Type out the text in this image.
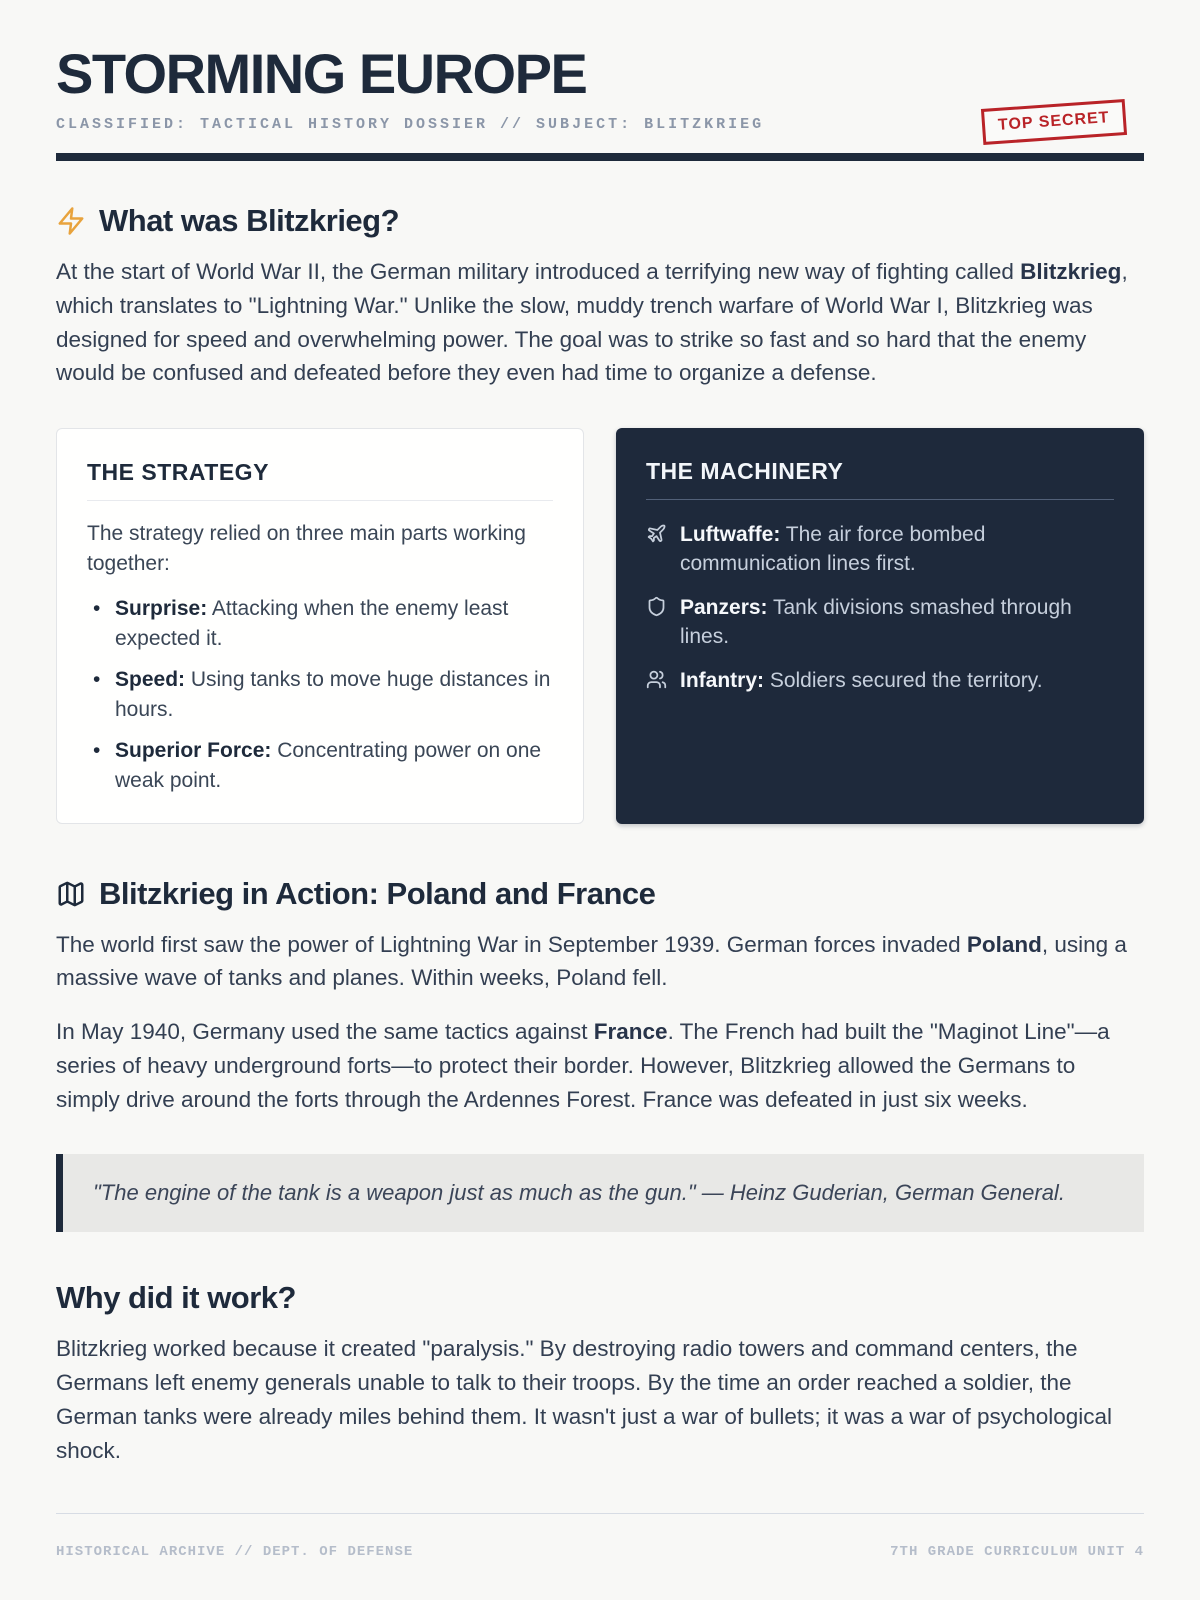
STORMING EUROPE
CLASSIFIED: TACTICAL HISTORY DOSSIER // SUBJECT: BLITZKRIEG	TOP SECRET
What was Blitzkrieg?

At the start of World War II, the German military introduced a terrifying new way of fighting called Blitzkrieg, which translates to "Lightning War." Unlike the slow, muddy trench warfare of World War I, Blitzkrieg was designed for speed and overwhelming power. The goal was to strike so fast and so hard that the enemy would be confused and defeated before they even had time to organize a defense.

THE STRATEGY
The strategy relied on three main parts working together:
• Surprise: Attacking when the enemy least expected it.
• Speed: Using tanks to move huge distances in hours.
• Superior Force: Concentrating power on one weak point.
THE MACHINERY
Luftwaffe: The air force bombed communication lines first.
Panzers: Tank divisions smashed through lines.
Infantry: Soldiers secured the territory.
Blitzkrieg in Action: Poland and France

The world first saw the power of Lightning War in September 1939. German forces invaded Poland, using a massive wave of tanks and planes. Within weeks, Poland fell.

In May 1940, Germany used the same tactics against France. The French had built the "Maginot Line"—a series of heavy underground forts—to protect their border. However, Blitzkrieg allowed the Germans to simply drive around the forts through the Ardennes Forest. France was defeated in just six weeks.

"The engine of the tank is a weapon just as much as the gun." — Heinz Guderian, German General.
Why did it work?

Blitzkrieg worked because it created "paralysis." By destroying radio towers and command centers, the Germans left enemy generals unable to talk to their troops. By the time an order reached a soldier, the German tanks were already miles behind them. It wasn't just a war of bullets; it was a war of psychological shock.

HISTORICAL ARCHIVE // DEPT. OF DEFENSE	7TH GRADE CURRICULUM UNIT 4
